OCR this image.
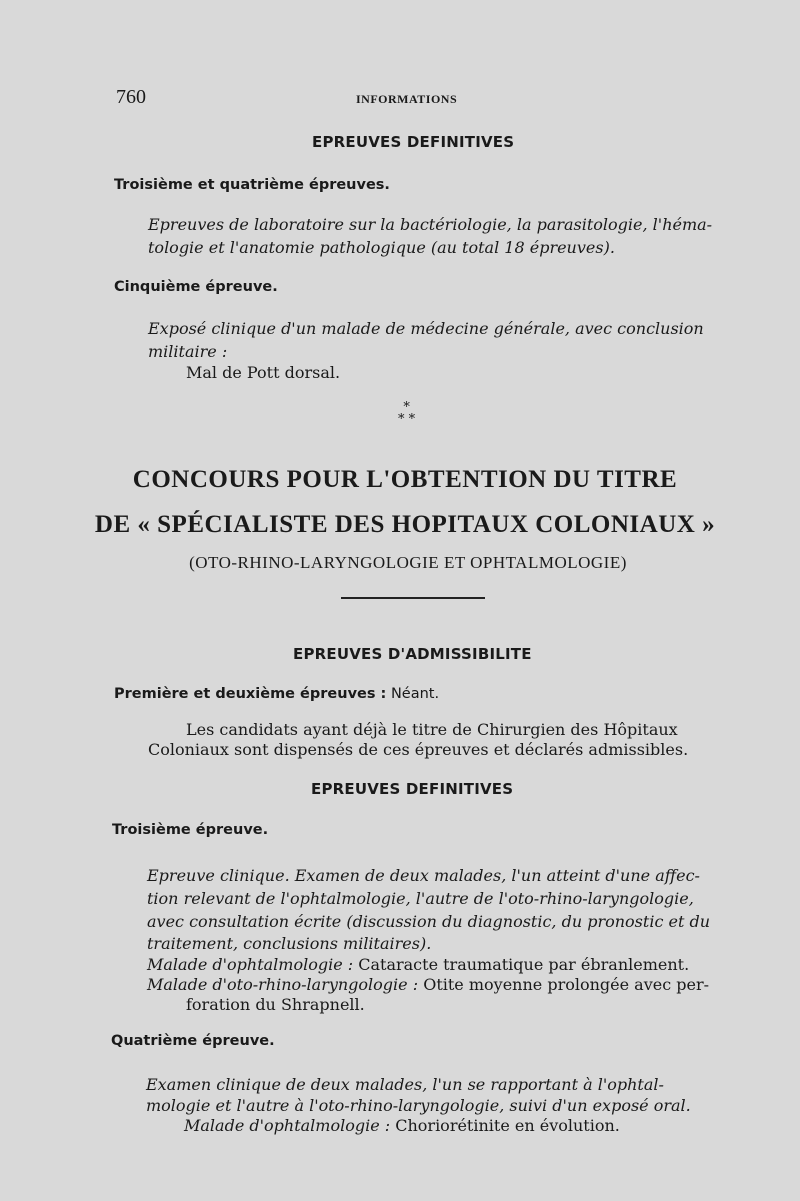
760	INFORMATIONS
EPREUVES DEFINITIVES
Troisième et quatrième épreuves.
Epreuves de laboratoire sur la bactériologie, la parasitologie, l'héma-
tologie et l'anatomie pathologique (au total 18 épreuves).
Cinquième épreuve.
Exposé clinique d'un malade de médecine générale, avec conclusion
militaire :
Mal de Pott dorsal.
*
* *
CONCOURS POUR L'OBTENTION DU TITRE
DE « SPÉCIALISTE DES HOPITAUX COLONIAUX »
(OTO-RHINO-LARYNGOLOGIE ET OPHTALMOLOGIE)
EPREUVES D'ADMISSIBILITE
Première et deuxième épreuves : Néant.
Les candidats ayant déjà le titre de Chirurgien des Hôpitaux
Coloniaux sont dispensés de ces épreuves et déclarés admissibles.
EPREUVES DEFINITIVES
Troisième épreuve.
Epreuve clinique. Examen de deux malades, l'un atteint d'une affec-
tion relevant de l'ophtalmologie, l'autre de l'oto-rhino-laryngologie,
avec consultation écrite (discussion du diagnostic, du pronostic et du
traitement, conclusions militaires).
Malade d'ophtalmologie : Cataracte traumatique par ébranlement.
Malade d'oto-rhino-laryngologie : Otite moyenne prolongée avec per-
foration du Shrapnell.
Quatrième épreuve.
Examen clinique de deux malades, l'un se rapportant à l'ophtal-
mologie et l'autre à l'oto-rhino-laryngologie, suivi d'un exposé oral.
Malade d'ophtalmologie : Choriorétinite en évolution.
